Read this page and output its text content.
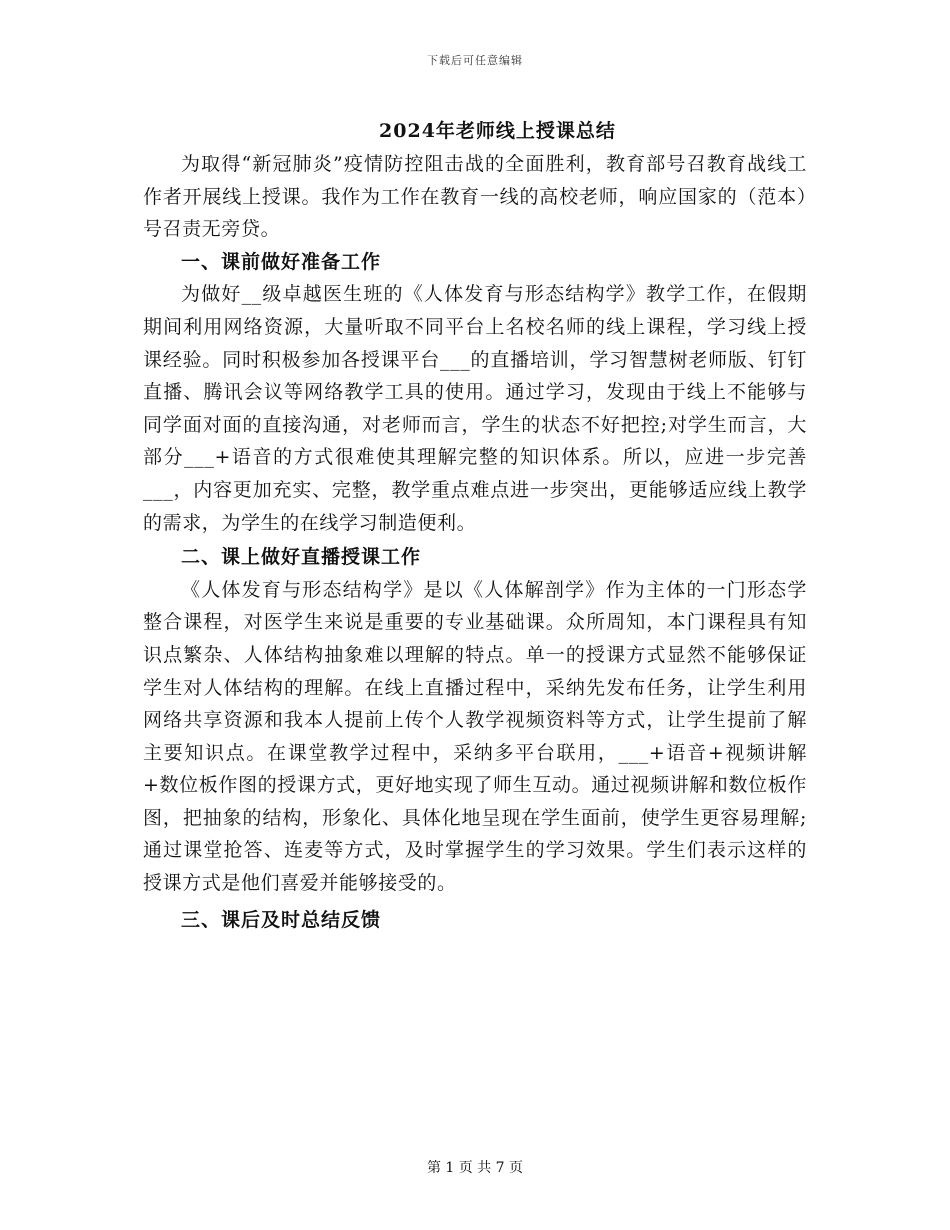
下载后可任意编辑
2024年老师线上授课总结

为取得“新冠肺炎”疫情防控阻击战的全面胜利，教育部号召教育战线工作者开展线上授课。我作为工作在教育一线的高校老师，响应国家的（范本）号召责无旁贷。

一、课前做好准备工作

为做好__级卓越医生班的《人体发育与形态结构学》教学工作，在假期期间利用网络资源，大量听取不同平台上名校名师的线上课程，学习线上授课经验。同时积极参加各授课平台___的直播培训，学习智慧树老师版、钉钉直播、腾讯会议等网络教学工具的使用。通过学习，发现由于线上不能够与同学面对面的直接沟通，对老师而言，学生的状态不好把控;对学生而言，大部分___+语音的方式很难使其理解完整的知识体系。所以，应进一步完善___，内容更加充实、完整，教学重点难点进一步突出，更能够适应线上教学的需求，为学生的在线学习制造便利。

二、课上做好直播授课工作

《人体发育与形态结构学》是以《人体解剖学》作为主体的一门形态学整合课程，对医学生来说是重要的专业基础课。众所周知，本门课程具有知识点繁杂、人体结构抽象难以理解的特点。单一的授课方式显然不能够保证学生对人体结构的理解。在线上直播过程中，采纳先发布任务，让学生利用网络共享资源和我本人提前上传个人教学视频资料等方式，让学生提前了解主要知识点。在课堂教学过程中，采纳多平台联用，___+语音+视频讲解+数位板作图的授课方式，更好地实现了师生互动。通过视频讲解和数位板作图，把抽象的结构，形象化、具体化地呈现在学生面前，使学生更容易理解;通过课堂抢答、连麦等方式，及时掌握学生的学习效果。学生们表示这样的授课方式是他们喜爱并能够接受的。

三、课后及时总结反馈

第 1 页 共 7 页
